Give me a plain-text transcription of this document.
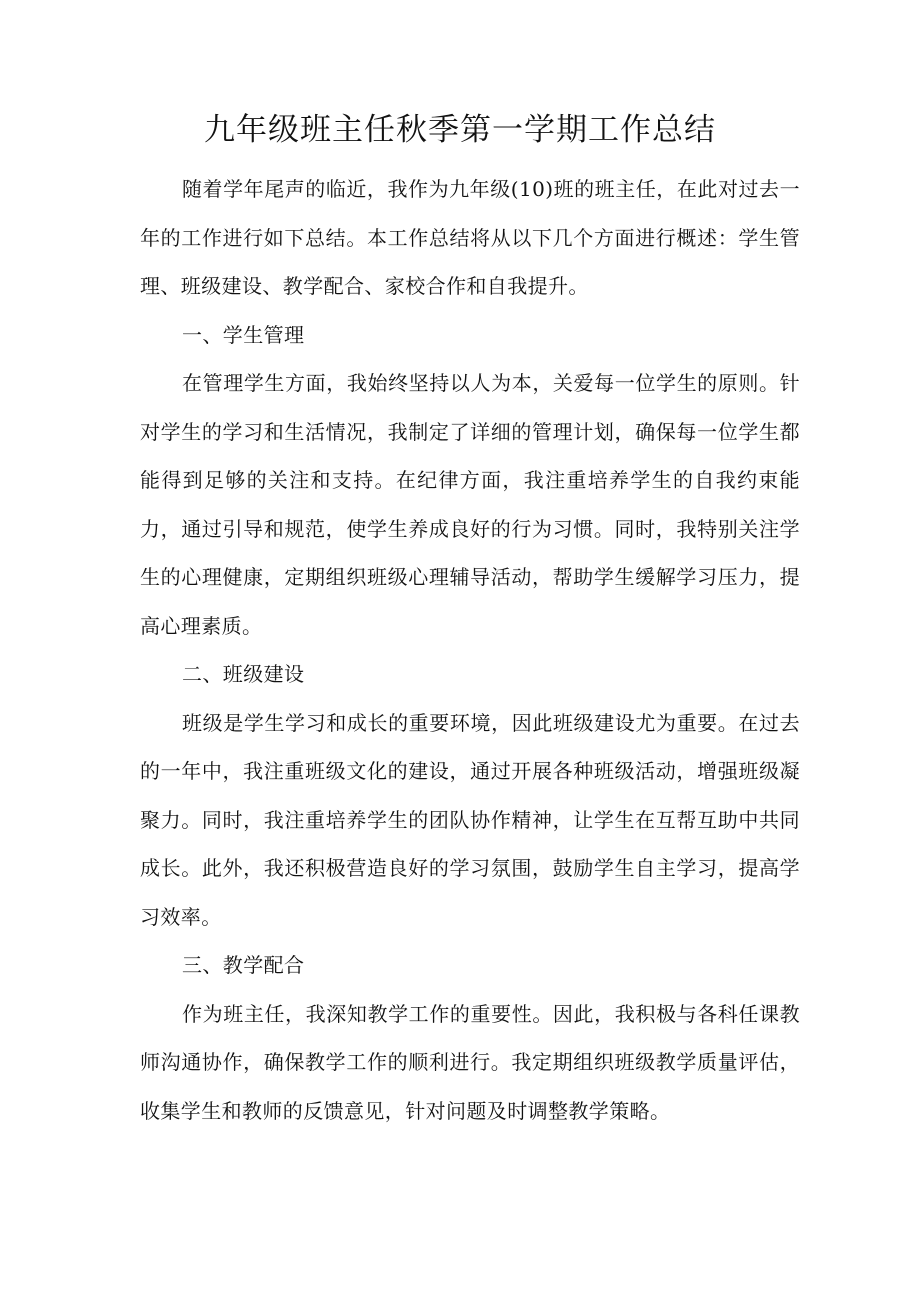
九年级班主任秋季第一学期工作总结

随着学年尾声的临近，我作为九年级(10)班的班主任，在此对过去一年的工作进行如下总结。本工作总结将从以下几个方面进行概述：学生管理、班级建设、教学配合、家校合作和自我提升。

一、学生管理

在管理学生方面，我始终坚持以人为本，关爱每一位学生的原则。针对学生的学习和生活情况，我制定了详细的管理计划，确保每一位学生都能得到足够的关注和支持。在纪律方面，我注重培养学生的自我约束能力，通过引导和规范，使学生养成良好的行为习惯。同时，我特别关注学生的心理健康，定期组织班级心理辅导活动，帮助学生缓解学习压力，提高心理素质。

二、班级建设

班级是学生学习和成长的重要环境，因此班级建设尤为重要。在过去的一年中，我注重班级文化的建设，通过开展各种班级活动，增强班级凝聚力。同时，我注重培养学生的团队协作精神，让学生在互帮互助中共同成长。此外，我还积极营造良好的学习氛围，鼓励学生自主学习，提高学习效率。

三、教学配合

作为班主任，我深知教学工作的重要性。因此，我积极与各科任课教师沟通协作，确保教学工作的顺利进行。我定期组织班级教学质量评估，收集学生和教师的反馈意见，针对问题及时调整教学策略。
